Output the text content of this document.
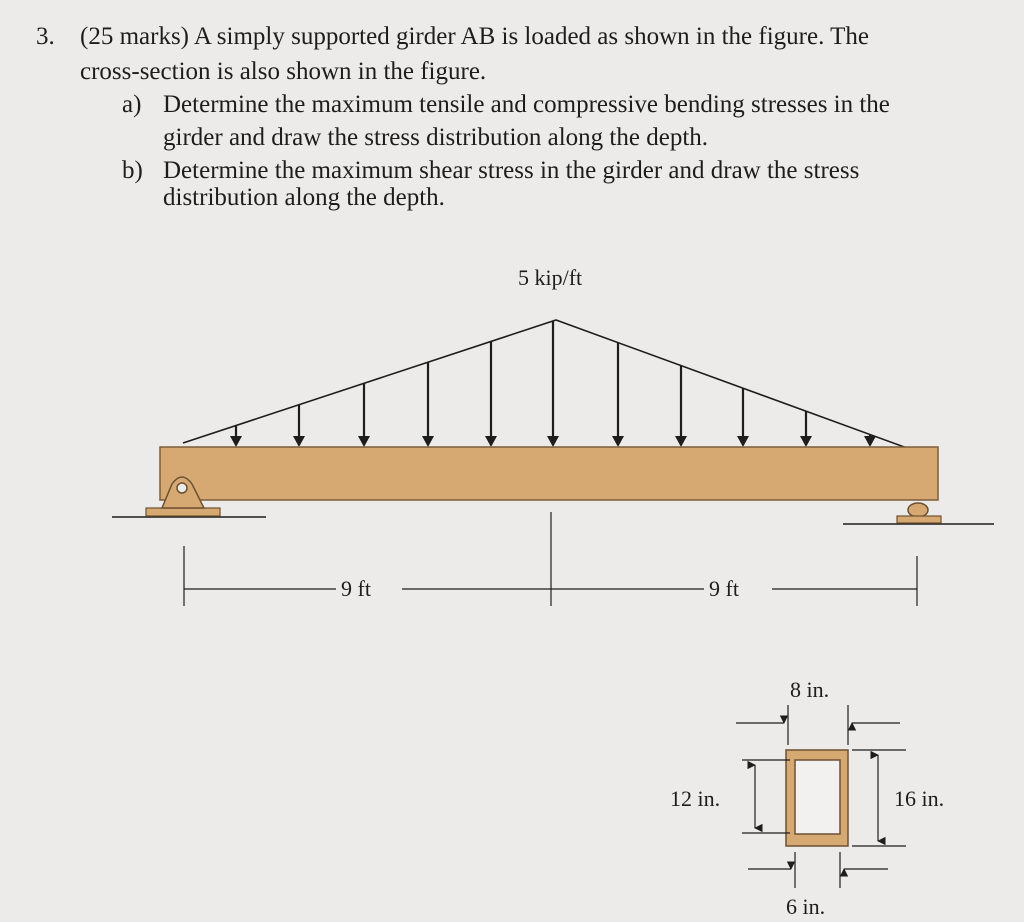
3. (25 marks) A simply supported girder AB is loaded as shown in the figure. The
cross-section is also shown in the figure.
a) Determine the maximum tensile and compressive bending stresses in the
girder and draw the stress distribution along the depth.
b) Determine the maximum shear stress in the girder and draw the stress
distribution along the depth.
5 kip/ft
9 ft	9 ft
8 in.
12 in.	16 in.
6 in.
